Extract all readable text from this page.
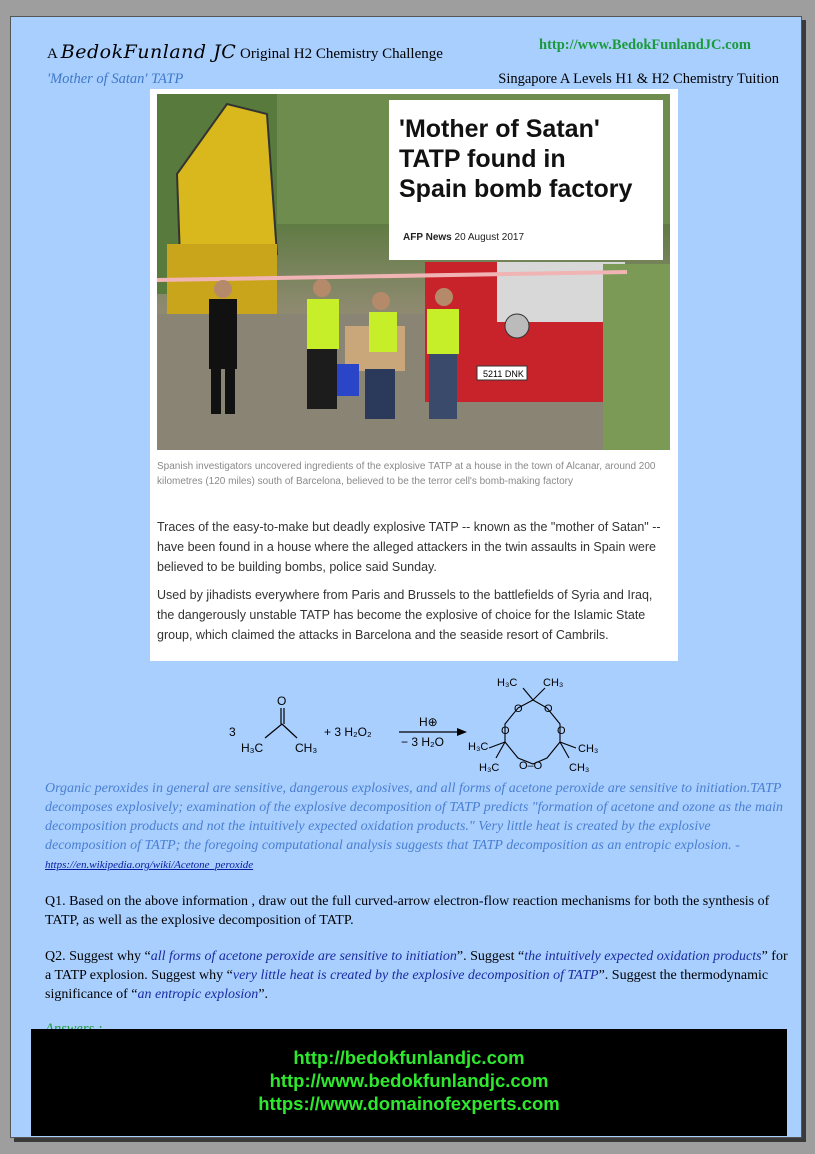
A BedokFunland JC Original H2 Chemistry Challenge
http://www.BedokFunlandJC.com
'Mother of Satan' TATP	Singapore A Levels H1 & H2 Chemistry Tuition
5211 DNK
'Mother of Satan'
TATP found in
Spain bomb factory
AFP News 20 August 2017
Spanish investigators uncovered ingredients of the explosive TATP at a house in the town of Alcanar, around 200 kilometres (120 miles) south of Barcelona, believed to be the terror cell's bomb-making factory
Traces of the easy-to-make but deadly explosive TATP -- known as the "mother of Satan" -- have been found in a house where the alleged attackers in the twin assaults in Spain were believed to be building bombs, police said Sunday.
Used by jihadists everywhere from Paris and Brussels to the battlefields of Syria and Iraq, the dangerously unstable TATP has become the explosive of choice for the Islamic State group, which claimed the attacks in Barcelona and the seaside resort of Cambrils.
3
O
H₃C	CH₃
+ 3 H₂O₂
H⊕
− 3 H₂O
H₃C CH₃
O O
O	O
O–O
H₃C
H₃C
CH₃
CH₃
Organic peroxides in general are sensitive, dangerous explosives, and all forms of acetone peroxide are sensitive to initiation.TATP decomposes explosively; examination of the explosive decomposition of TATP predicts "formation of acetone and ozone as the main decomposition products and not the intuitively expected oxidation products." Very little heat is created by the explosive decomposition of TATP; the foregoing computational analysis suggests that TATP decomposition as an entropic explosion. - https://en.wikipedia.org/wiki/Acetone_peroxide
Q1. Based on the above information , draw out the full curved-arrow electron-flow reaction mechanisms for both the synthesis of TATP, as well as the explosive decomposition of TATP.
Q2. Suggest why “all forms of acetone peroxide are sensitive to initiation”. Suggest “the intuitively expected oxidation products” for a TATP explosion. Suggest why “very little heat is created by the explosive decomposition of TATP”. Suggest the thermodynamic significance of “an entropic explosion”.
http://bedokfunlandjc.com
http://www.bedokfunlandjc.com
https://www.domainofexperts.com
